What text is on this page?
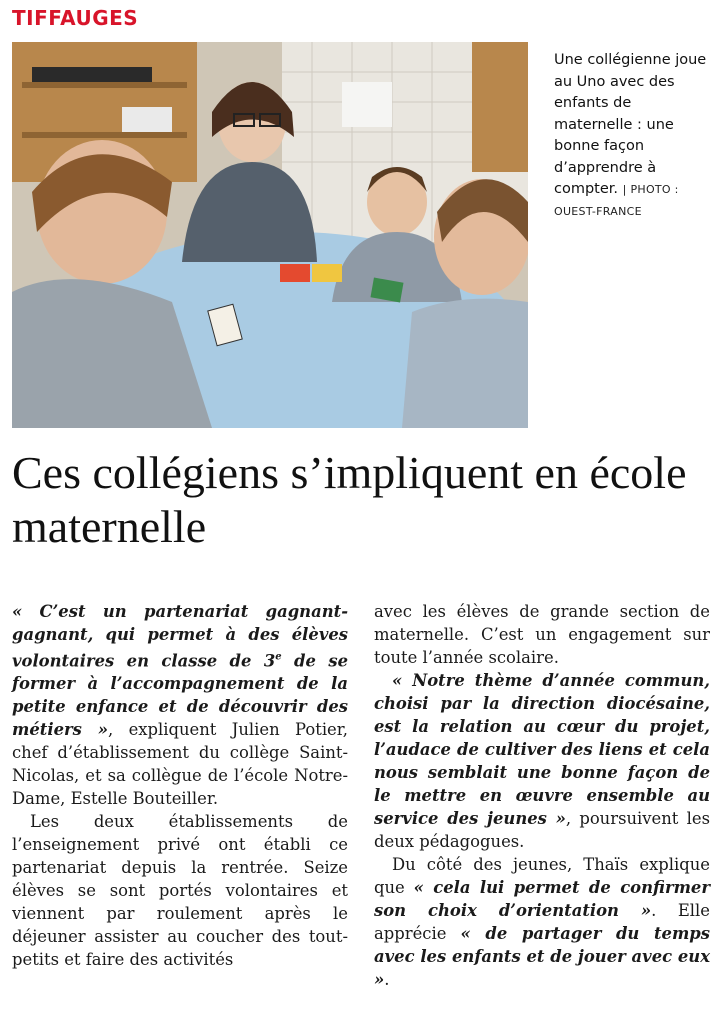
TIFFAUGES
Une collégienne joue au Uno avec des enfants de maternelle : une bonne façon d’apprendre à compter. | PHOTO : OUEST-FRANCE
Ces collégiens s’impliquent en école maternelle

« C’est un partenariat gagnant-gagnant, qui permet à des élèves volontaires en classe de 3e de se former à l’accompagnement de la petite enfance et de découvrir des métiers », expliquent Julien Potier, chef d’établissement du collège Saint-Nicolas, et sa collègue de l’école Notre-Dame, Estelle Bouteiller.

Les deux établissements de l’enseignement privé ont établi ce partenariat depuis la rentrée. Seize élèves se sont portés volontaires et viennent par roulement après le déjeuner assister au coucher des tout-petits et faire des activités

avec les élèves de grande section de maternelle. C’est un engagement sur toute l’année scolaire.

« Notre thème d’année commun, choisi par la direction diocésaine, est la relation au cœur du projet, l’audace de cultiver des liens et cela nous semblait une bonne façon de le mettre en œuvre ensemble au service des jeunes », poursuivent les deux pédagogues.

Du côté des jeunes, Thaïs explique que « cela lui permet de confirmer son choix d’orientation ». Elle apprécie « de partager du temps avec les enfants et de jouer avec eux ».
